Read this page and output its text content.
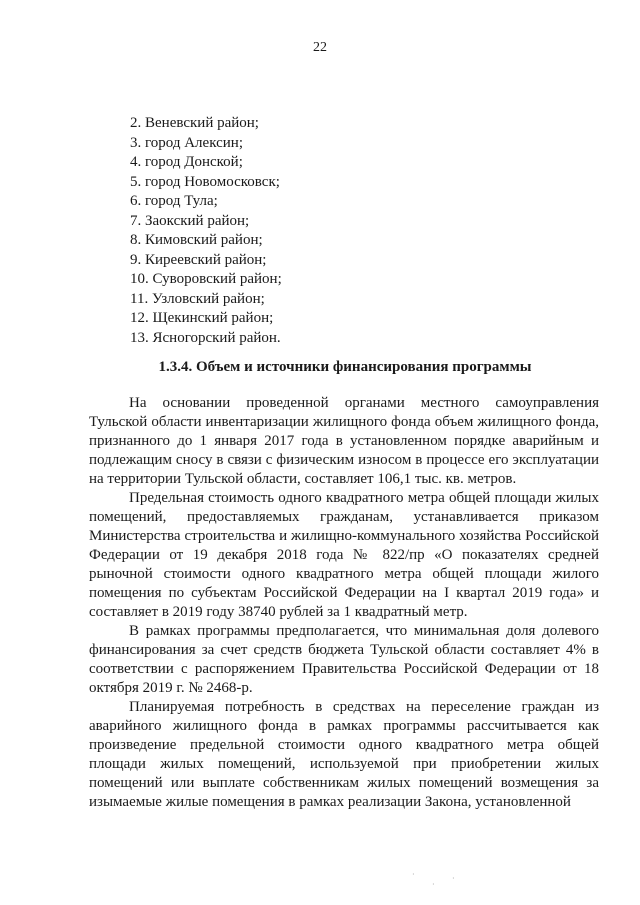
22
2. Веневский район;
3. город Алексин;
4. город Донской;
5. город Новомосковск;
6. город Тула;
7. Заокский район;
8. Кимовский район;
9. Киреевский район;
10. Суворовский район;
11. Узловский район;
12. Щекинский район;
13. Ясногорский район.
1.3.4. Объем и источники финансирования программы

На основании проведенной органами местного самоуправления Тульской области инвентаризации жилищного фонда объем жилищного фонда, признанного до 1 января 2017 года в установленном порядке аварийным и подлежащим сносу в связи с физическим износом в процессе его эксплуатации на территории Тульской области, составляет 106,1 тыс. кв. метров.

Предельная стоимость одного квадратного метра общей площади жилых помещений, предоставляемых гражданам, устанавливается приказом Министерства строительства и жилищно-коммунального хозяйства Российской Федерации от 19 декабря 2018 года № 822/пр «О показателях средней рыночной стоимости одного квадратного метра общей площади жилого помещения по субъектам Российской Федерации на I квартал 2019 года» и составляет в 2019 году 38740 рублей за 1 квадратный метр.

В рамках программы предполагается, что минимальная доля долевого финансирования за счет средств бюджета Тульской области составляет 4% в соответствии с распоряжением Правительства Российской Федерации от 18 октября 2019 г. № 2468-р.

Планируемая потребность в средствах на переселение граждан из аварийного жилищного фонда в рамках программы рассчитывается как произведение предельной стоимости одного квадратного метра общей площади жилых помещений, используемой при приобретении жилых помещений или выплате собственникам жилых помещений возмещения за изымаемые жилые помещения в рамках реализации Закона, установленной

·
·
·
